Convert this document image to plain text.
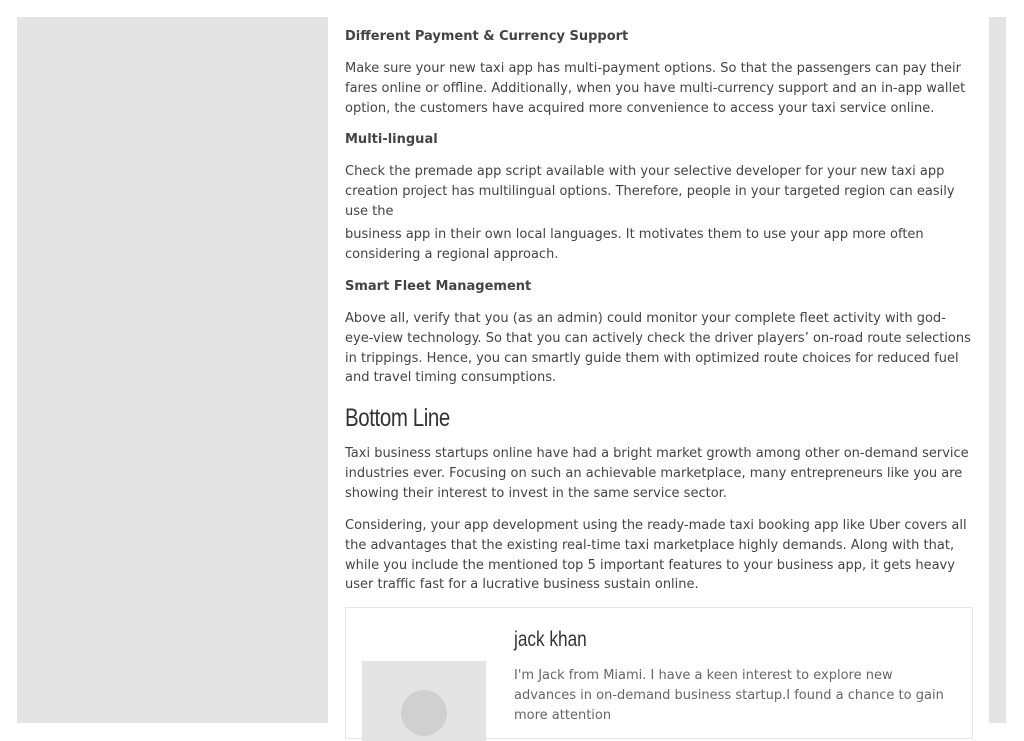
Different Payment & Currency Support

Make sure your new taxi app has multi-payment options. So that the passengers can pay their fares online or offline. Additionally, when you have multi-currency support and an in-app wallet option, the customers have acquired more convenience to access your taxi service online.

Multi-lingual

Check the premade app script available with your selective developer for your new taxi app creation project has multilingual options. Therefore, people in your targeted region can easily use the

business app in their own local languages. It motivates them to use your app more often considering a regional approach.

Smart Fleet Management

Above all, verify that you (as an admin) could monitor your complete fleet activity with god-eye-view technology. So that you can actively check the driver players’ on-road route selections in trippings. Hence, you can smartly guide them with optimized route choices for reduced fuel and travel timing consumptions.

Bottom Line

Taxi business startups online have had a bright market growth among other on-demand service industries ever. Focusing on such an achievable marketplace, many entrepreneurs like you are showing their interest to invest in the same service sector.

Considering, your app development using the ready-made taxi booking app like Uber covers all the advantages that the existing real-time taxi marketplace highly demands. Along with that, while you include the mentioned top 5 important features to your business app, it gets heavy user traffic fast for a lucrative business sustain online.

jack khan

I'm Jack from Miami. I have a keen interest to explore new advances in on-demand business startup.I found a chance to gain more attention
